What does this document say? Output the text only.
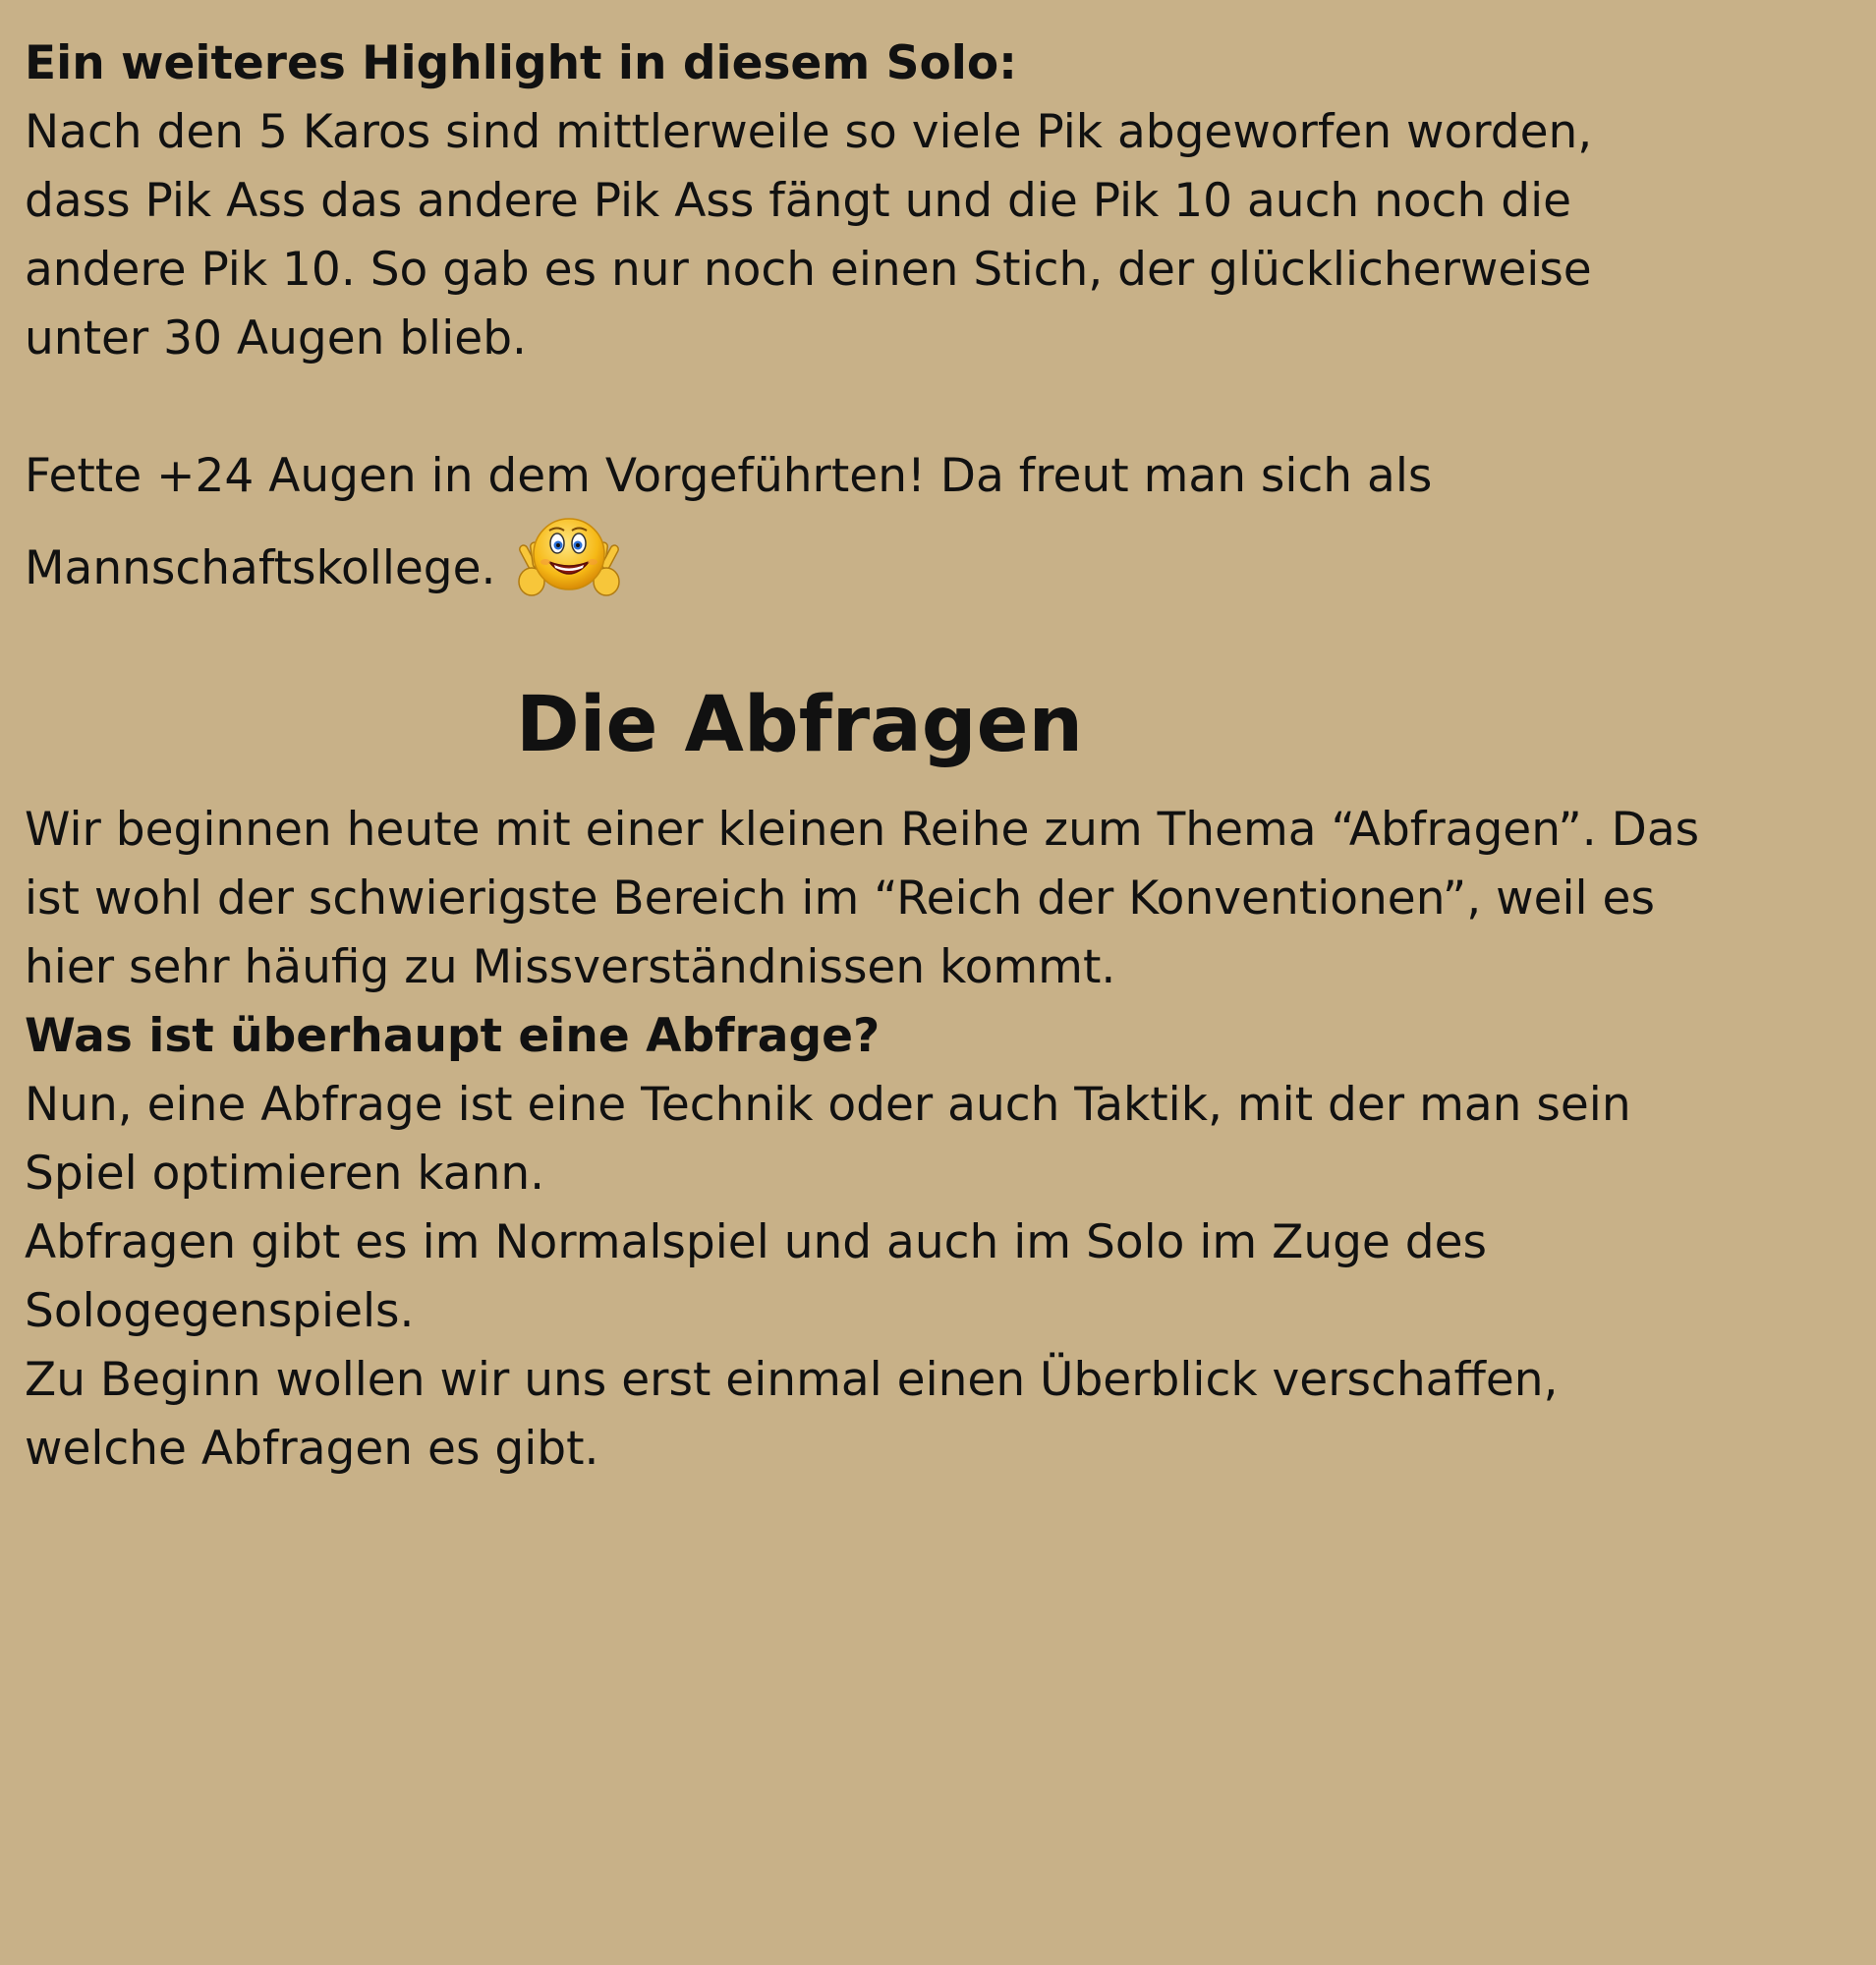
Ein weiteres Highlight in diesem Solo:
Nach den 5 Karos sind mittlerweile so viele Pik abgeworfen worden,
dass Pik Ass das andere Pik Ass fängt und die Pik 10 auch noch die
andere Pik 10. So gab es nur noch einen Stich, der glücklicherweise
unter 30 Augen blieb.
Fette +24 Augen in dem Vorgeführten! Da freut man sich als
Mannschaftskollege.
Die Abfragen
Wir beginnen heute mit einer kleinen Reihe zum Thema “Abfragen”. Das
ist wohl der schwierigste Bereich im “Reich der Konventionen”, weil es
hier sehr häufig zu Missverständnissen kommt.
Was ist überhaupt eine Abfrage?
Nun, eine Abfrage ist eine Technik oder auch Taktik, mit der man sein
Spiel optimieren kann.
Abfragen gibt es im Normalspiel und auch im Solo im Zuge des
Sologegenspiels.
Zu Beginn wollen wir uns erst einmal einen Überblick verschaffen,
welche Abfragen es gibt.
